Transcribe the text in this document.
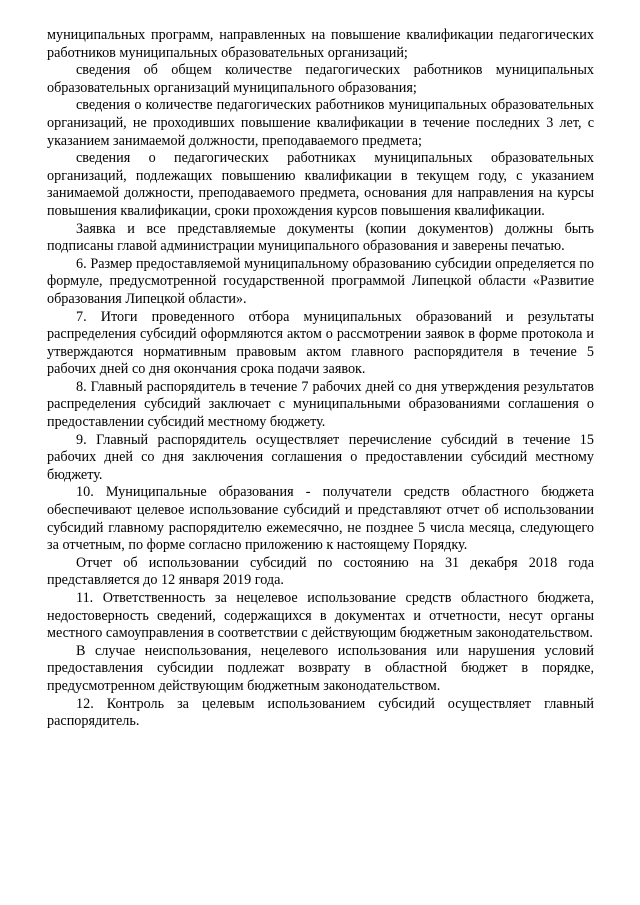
муниципальных программ, направленных на повышение квалификации педагогических работников муниципальных образовательных организаций;

сведения об общем количестве педагогических работников муниципальных образовательных организаций муниципального образования;

сведения о количестве педагогических работников муниципальных образовательных организаций, не проходивших повышение квалификации в течение последних 3 лет, с указанием занимаемой должности, преподаваемого предмета;

сведения о педагогических работниках муниципальных образовательных организаций, подлежащих повышению квалификации в текущем году, с указанием занимаемой должности, преподаваемого предмета, основания для направления на курсы повышения квалификации, сроки прохождения курсов повышения квалификации.

Заявка и все представляемые документы (копии документов) должны быть подписаны главой администрации муниципального образования и заверены печатью.

6. Размер предоставляемой муниципальному образованию субсидии определяется по формуле, предусмотренной государственной программой Липецкой области «Развитие образования Липецкой области».

7. Итоги проведенного отбора муниципальных образований и результаты распределения субсидий оформляются актом о рассмотрении заявок в форме протокола и утверждаются нормативным правовым актом главного распорядителя в течение 5 рабочих дней со дня окончания срока подачи заявок.

8. Главный распорядитель в течение 7 рабочих дней со дня утверждения результатов распределения субсидий заключает с муниципальными образованиями соглашения о предоставлении субсидий местному бюджету.

9. Главный распорядитель осуществляет перечисление субсидий в течение 15 рабочих дней со дня заключения соглашения о предоставлении субсидий местному бюджету.

10. Муниципальные образования - получатели средств областного бюджета обеспечивают целевое использование субсидий и представляют отчет об использовании субсидий главному распорядителю ежемесячно, не позднее 5 числа месяца, следующего за отчетным, по форме согласно приложению к настоящему Порядку.

Отчет об использовании субсидий по состоянию на 31 декабря 2018 года представляется до 12 января 2019 года.

11. Ответственность за нецелевое использование средств областного бюджета, недостоверность сведений, содержащихся в документах и отчетности, несут органы местного самоуправления в соответствии с действующим бюджетным законодательством.

В случае неиспользования, нецелевого использования или нарушения условий предоставления субсидии подлежат возврату в областной бюджет в порядке, предусмотренном действующим бюджетным законодательством.

12. Контроль за целевым использованием субсидий осуществляет главный распорядитель.
